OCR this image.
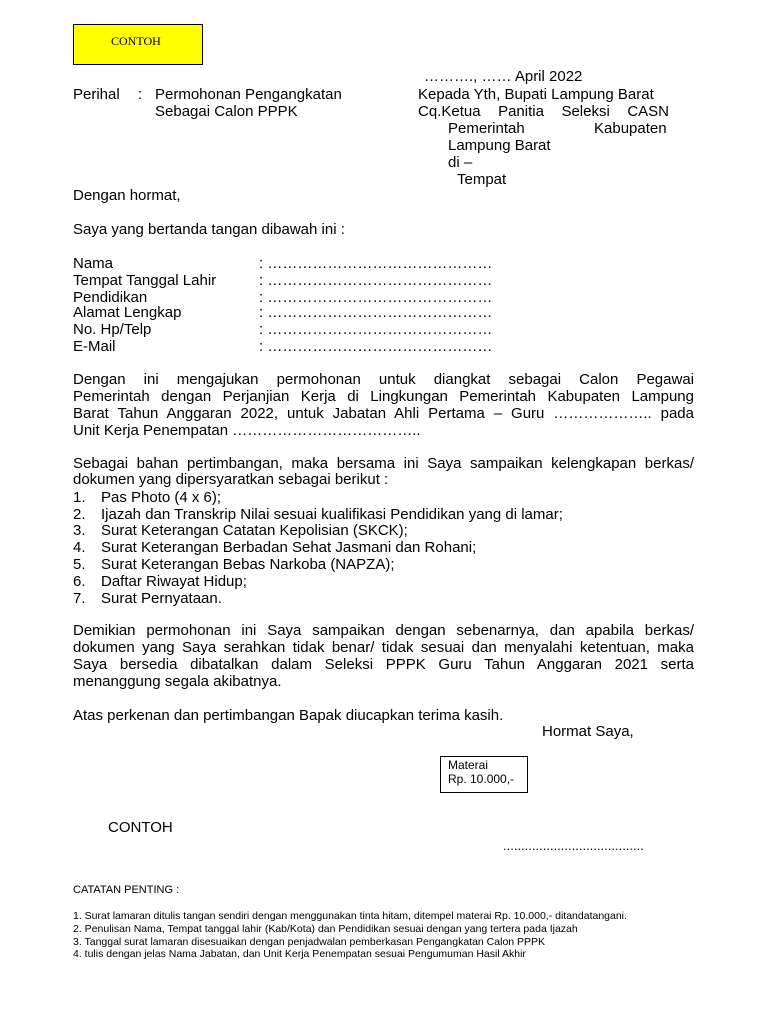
CONTOH
………., …… April 2022
Perihal : Permohonan Pengangkatan
Sebagai Calon PPPK
Kepada Yth, Bupati Lampung Barat
Cq.Ketua Panitia Seleksi CASN
Pemerintah	Kabupaten
Lampung Barat
di –
Tempat
Dengan hormat,
Saya yang bertanda tangan dibawah ini :
Nama	: ………………………………………
Tempat Tanggal Lahir	: ………………………………………
Pendidikan	: ………………………………………
Alamat Lengkap	: ………………………………………
No. Hp/Telp	: ………………………………………
E-Mail	: ………………………………………
Dengan ini mengajukan permohonan untuk diangkat sebagai Calon Pegawai
Pemerintah dengan Perjanjian Kerja di Lingkungan Pemerintah Kabupaten Lampung
Barat Tahun Anggaran 2022, untuk Jabatan Ahli Pertama – Guru ……………….. pada
Unit Kerja Penempatan ………………………………..
Sebagai bahan pertimbangan, maka bersama ini Saya sampaikan kelengkapan berkas/
dokumen yang dipersyaratkan sebagai berikut :
1. Pas Photo (4 x 6);
2. Ijazah dan Transkrip Nilai sesuai kualifikasi Pendidikan yang di lamar;
3. Surat Keterangan Catatan Kepolisian (SKCK);
4. Surat Keterangan Berbadan Sehat Jasmani dan Rohani;
5. Surat Keterangan Bebas Narkoba (NAPZA);
6. Daftar Riwayat Hidup;
7. Surat Pernyataan.
Demikian permohonan ini Saya sampaikan dengan sebenarnya, dan apabila berkas/
dokumen yang Saya serahkan tidak benar/ tidak sesuai dan menyalahi ketentuan, maka
Saya bersedia dibatalkan dalam Seleksi PPPK Guru Tahun Anggaran 2021 serta
menanggung segala akibatnya.
Atas perkenan dan pertimbangan Bapak diucapkan terima kasih.
Hormat Saya,
Materai
Rp. 10.000,-
CONTOH
.......................................
CATATAN PENTING :
1. Surat lamaran ditulis tangan sendiri dengan menggunakan tinta hitam, ditempel materai Rp. 10.000,- ditandatangani.
2. Penulisan Nama, Tempat tanggal lahir (Kab/Kota) dan Pendidikan sesuai dengan yang tertera pada Ijazah
3. Tanggal surat lamaran disesuaikan dengan penjadwalan pemberkasan Pengangkatan Calon PPPK
4. tulis dengan jelas Nama Jabatan, dan Unit Kerja Penempatan sesuai Pengumuman Hasil Akhir
